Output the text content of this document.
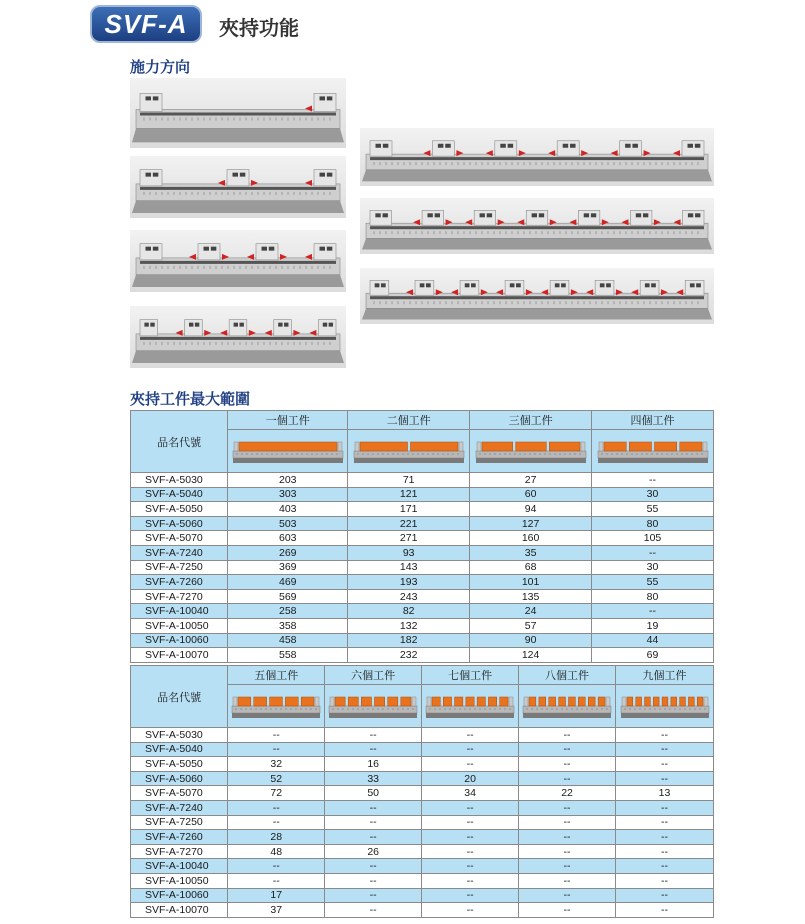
SVF-A 夾持功能
施力方向
夾持工件最大範圍
品名代號	一個工件	二個工件	三個工件	四個工件

SVF-A-5030	203	71	27	--
SVF-A-5040	303	121	60	30
SVF-A-5050	403	171	94	55
SVF-A-5060	503	221	127	80
SVF-A-5070	603	271	160	105
SVF-A-7240	269	93	35	--
SVF-A-7250	369	143	68	30
SVF-A-7260	469	193	101	55
SVF-A-7270	569	243	135	80
SVF-A-10040	258	82	24	--
SVF-A-10050	358	132	57	19
SVF-A-10060	458	182	90	44
SVF-A-10070	558	232	124	69
品名代號	五個工件	六個工件	七個工件	八個工件	九個工件

SVF-A-5030	--	--	--	--	--
SVF-A-5040	--	--	--	--	--
SVF-A-5050	32	16	--	--	--
SVF-A-5060	52	33	20	--	--
SVF-A-5070	72	50	34	22	13
SVF-A-7240	--	--	--	--	--
SVF-A-7250	--	--	--	--	--
SVF-A-7260	28	--	--	--	--
SVF-A-7270	48	26	--	--	--
SVF-A-10040	--	--	--	--	--
SVF-A-10050	--	--	--	--	--
SVF-A-10060	17	--	--	--	--
SVF-A-10070	37	--	--	--	--
